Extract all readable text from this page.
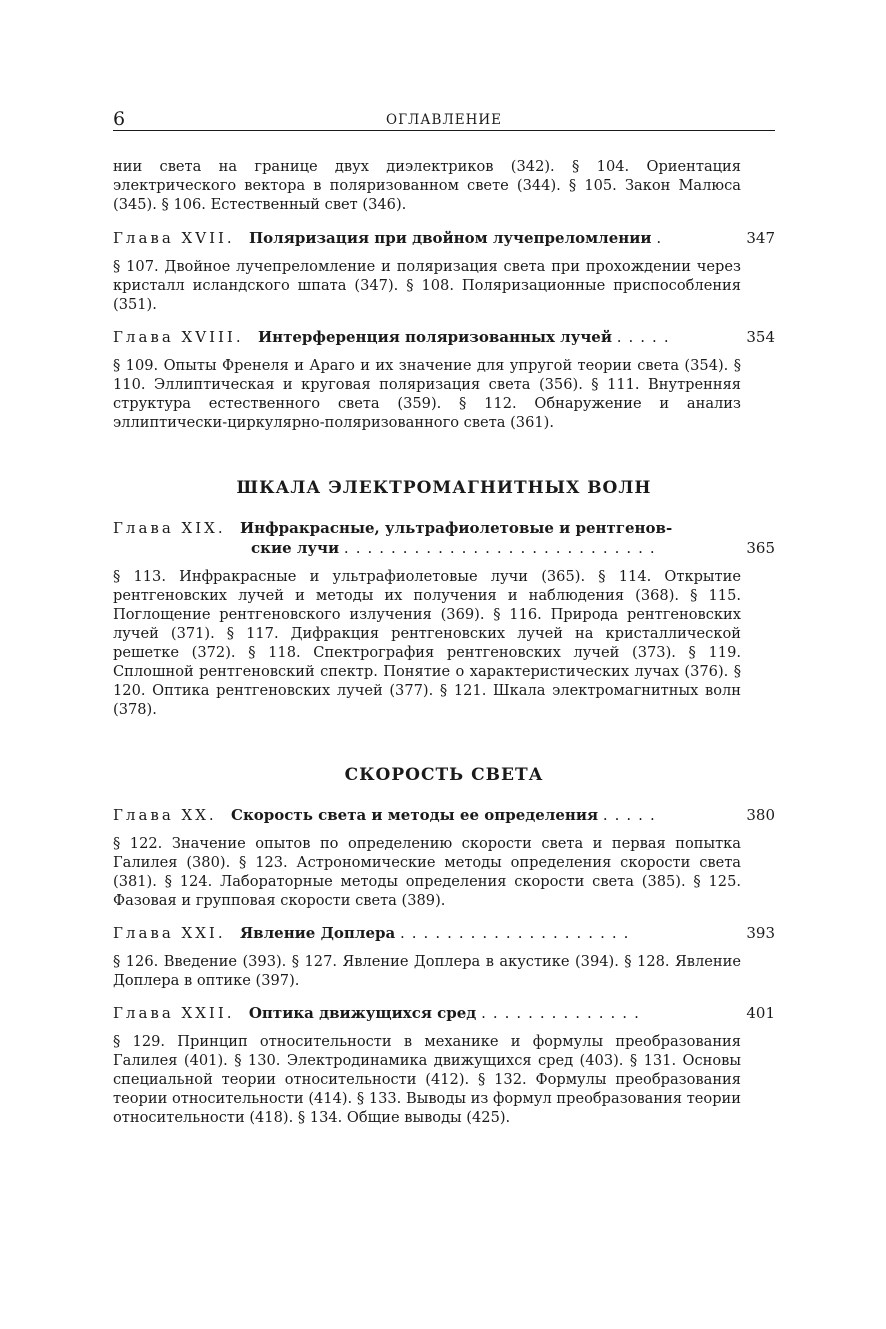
6	ОГЛАВЛЕНИЕ

нии света на границе двух диэлектриков (342). § 104. Ориентация электрического вектора в поляризованном свете (344). § 105. Закон Малюса (345). § 106. Естественный свет (346).

Глава XVII. Поляризация при двойном лучепреломлении .	347

§ 107. Двойное лучепреломление и поляризация света при прохождении через кристалл исландского шпата (347). § 108. Поляризационные приспособления (351).

Глава XVIII. Интерференция поляризованных лучей .....	354

§ 109. Опыты Френеля и Араго и их значение для упругой теории света (354). § 110. Эллиптическая и круговая поляризация света (356). § 111. Внутренняя структура естественного света (359). § 112. Обнаружение и анализ эллиптически-циркулярно-поляризованного света (361).

ШКАЛА ЭЛЕКТРОМАГНИТНЫХ ВОЛН
Глава XIX. Инфракрасные, ультрафиолетовые и рентгенов-
ские лучи ...........................	365

§ 113. Инфракрасные и ультрафиолетовые лучи (365). § 114. Открытие рентгеновских лучей и методы их получения и наблюдения (368). § 115. Поглощение рентгеновского излучения (369). § 116. Природа рентгеновских лучей (371). § 117. Дифракция рентгеновских лучей на кристаллической решетке (372). § 118. Спектрография рентгеновских лучей (373). § 119. Сплошной рентгеновский спектр. Понятие о характеристических лучах (376). § 120. Оптика рентгеновских лучей (377). § 121. Шкала электромагнитных волн (378).

СКОРОСТЬ СВЕТА
Глава XX. Скорость света и методы ее определения .....	380

§ 122. Значение опытов по определению скорости света и первая попытка Галилея (380). § 123. Астрономические методы определения скорости света (381). § 124. Лабораторные методы определения скорости света (385). § 125. Фазовая и групповая скорости света (389).

Глава XXI. Явление Доплера ....................	393

§ 126. Введение (393). § 127. Явление Доплера в акустике (394). § 128. Явление Доплера в оптике (397).

Глава XXII. Оптика движущихся сред ..............	401

§ 129. Принцип относительности в механике и формулы преобразования Галилея (401). § 130. Электродинамика движущихся сред (403). § 131. Основы специальной теории относительности (412). § 132. Формулы преобразования теории относительности (414). § 133. Выводы из формул преобразования теории относительности (418). § 134. Общие выводы (425).
